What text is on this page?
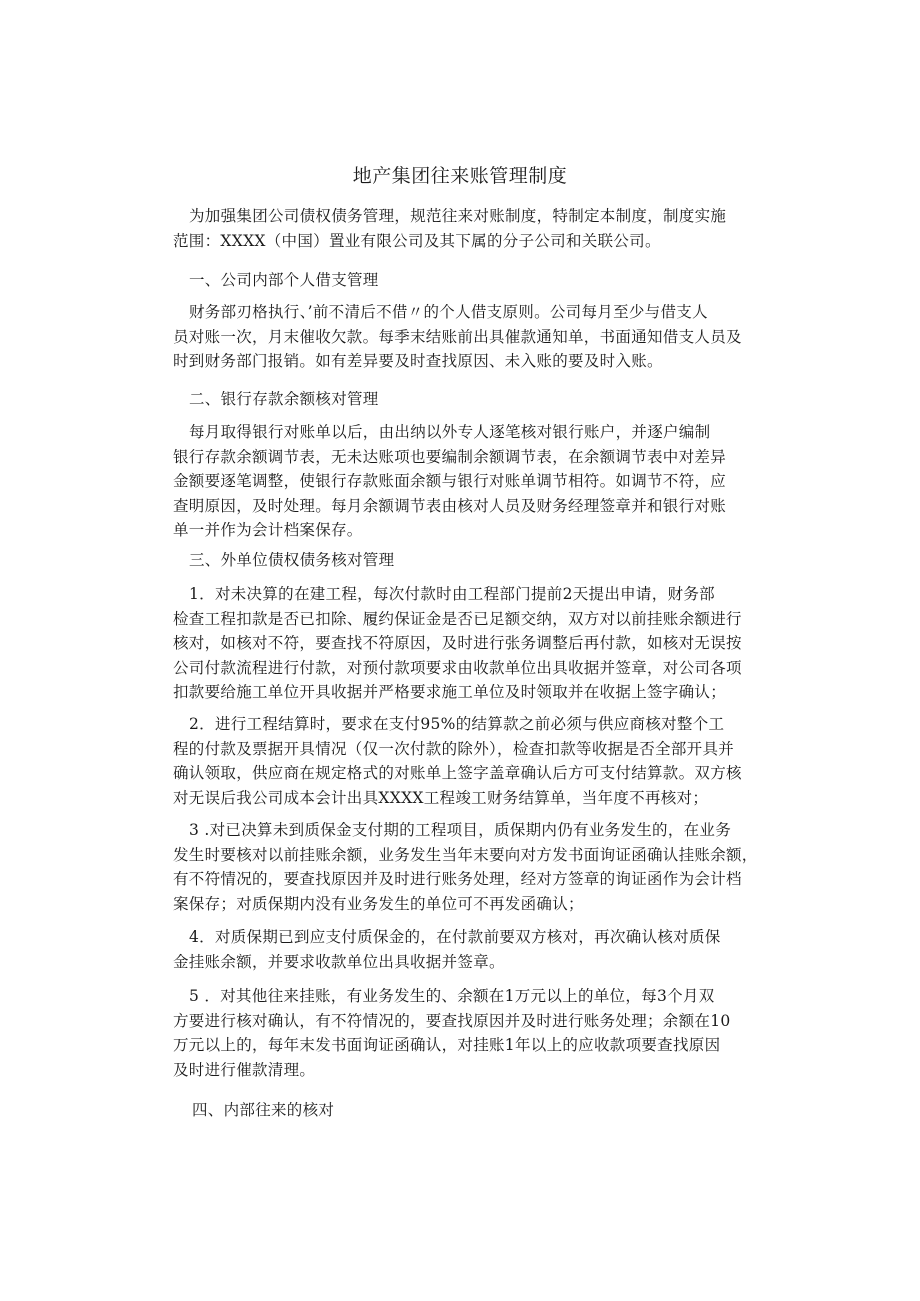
地产集团往来账管理制度
为加强集团公司债权债务管理，规范往来对账制度，特制定本制度，制度实施
范围：XXXX（中国）置业有限公司及其下属的分子公司和关联公司。
一、公司内部个人借支管理
财务部刃格执行、’前不清后不借〃的个人借支原则。公司每月至少与借支人
员对账一次，月末催收欠款。每季末结账前出具催款通知单，书面通知借支人员及
时到财务部门报销。如有差异要及时查找原因、未入账的要及时入账。
二、银行存款余额核对管理
每月取得银行对账单以后，由出纳以外专人逐笔核对银行账户，并逐户编制
银行存款余额调节表，无未达账项也要编制余额调节表，在余额调节表中对差异
金额要逐笔调整，使银行存款账面余额与银行对账单调节相符。如调节不符，应
查明原因，及时处理。每月余额调节表由核对人员及财务经理签章并和银行对账
单一并作为会计档案保存。
三、外单位债权债务核对管理
1．对未决算的在建工程，每次付款时由工程部门提前2天提出申请，财务部
检查工程扣款是否已扣除、履约保证金是否已足额交纳，双方对以前挂账余额进行
核对，如核对不符，要查找不符原因，及时进行张务调整后再付款，如核对无误按
公司付款流程进行付款，对预付款项要求由收款单位出具收据并签章，对公司各项
扣款要给施工单位开具收据并严格要求施工单位及时领取并在收据上签字确认；
2．进行工程结算时，要求在支付95%的结算款之前必须与供应商核对整个工
程的付款及票据开具情况（仅一次付款的除外），检查扣款等收据是否全部开具并
确认领取，供应商在规定格式的对账单上签字盖章确认后方可支付结算款。双方核
对无误后我公司成本会计出具XXXX工程竣工财务结算单，当年度不再核对；
3 .对已决算未到质保金支付期的工程项目，质保期内仍有业务发生的，在业务
发生时要核对以前挂账余额，业务发生当年末要向对方发书面询证函确认挂账余额，
有不符情况的，要查找原因并及时进行账务处理，经对方签章的询证函作为会计档
案保存；对质保期内没有业务发生的单位可不再发函确认；
4．对质保期已到应支付质保金的，在付款前要双方核对，再次确认核对质保
金挂账余额，并要求收款单位出具收据并签章。
5 ．对其他往来挂账，有业务发生的、余额在1万元以上的单位，每3个月双
方要进行核对确认，有不符情况的，要查找原因并及时进行账务处理；余额在10
万元以上的，每年末发书面询证函确认，对挂账1年以上的应收款项要查找原因
及时进行催款清理。
四、内部往来的核对
